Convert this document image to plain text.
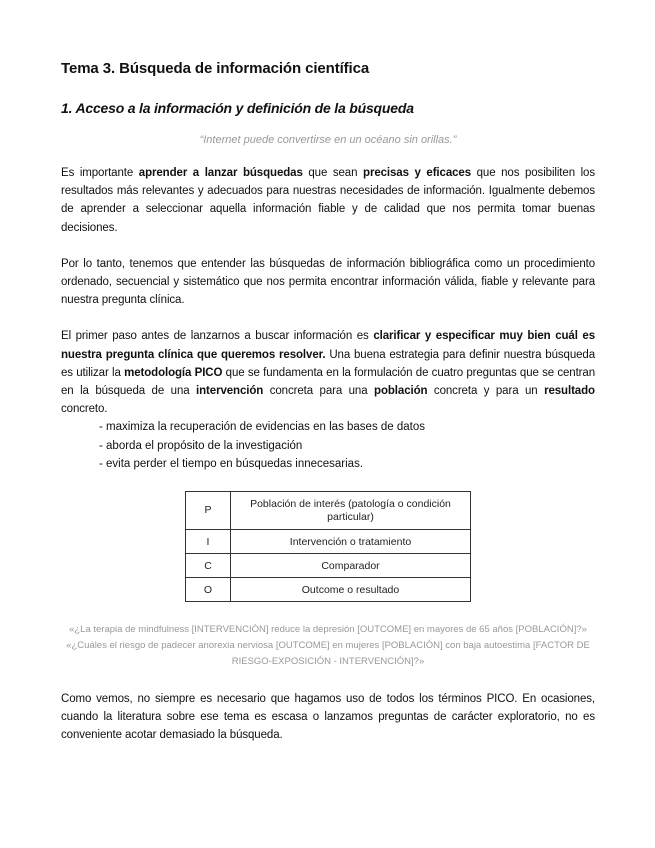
Tema 3. Búsqueda de información científica
1. Acceso a la información y definición de la búsqueda
“Internet puede convertirse en un océano sin orillas.”

Es importante aprender a lanzar búsquedas que sean precisas y eficaces que nos posibiliten los resultados más relevantes y adecuados para nuestras necesidades de información. Igualmente debemos de aprender a seleccionar aquella información fiable y de calidad que nos permita tomar buenas decisiones.

Por lo tanto, tenemos que entender las búsquedas de información bibliográfica como un procedimiento ordenado, secuencial y sistemático que nos permita encontrar información válida, fiable y relevante para nuestra pregunta clínica.

El primer paso antes de lanzarnos a buscar información es clarificar y especificar muy bien cuál es nuestra pregunta clínica que queremos resolver. Una buena estrategia para definir nuestra búsqueda es utilizar la metodología PICO que se fundamenta en la formulación de cuatro preguntas que se centran en la búsqueda de una intervención concreta para una población concreta y para un resultado concreto.

- maximiza la recuperación de evidencias en las bases de datos
- aborda el propósito de la investigación
- evita perder el tiempo en búsquedas innecesarias.
P	Población de interés (patología o condición particular)
I	Intervención o tratamiento
C	Comparador
O	Outcome o resultado
«¿La terapia de mindfulness [INTERVENCIÓN] reduce la depresión [OUTCOME] en mayores de 65 años [POBLACIÓN]?»
«¿Cuáles el riesgo de padecer anorexia nerviosa [OUTCOME] en mujeres [POBLACIÓN] con baja autoestima [FACTOR DE RIESGO-EXPOSICIÓN - INTERVENCIÓN]?»

Como vemos, no siempre es necesario que hagamos uso de todos los términos PICO. En ocasiones, cuando la literatura sobre ese tema es escasa o lanzamos preguntas de carácter exploratorio, no es conveniente acotar demasiado la búsqueda.
